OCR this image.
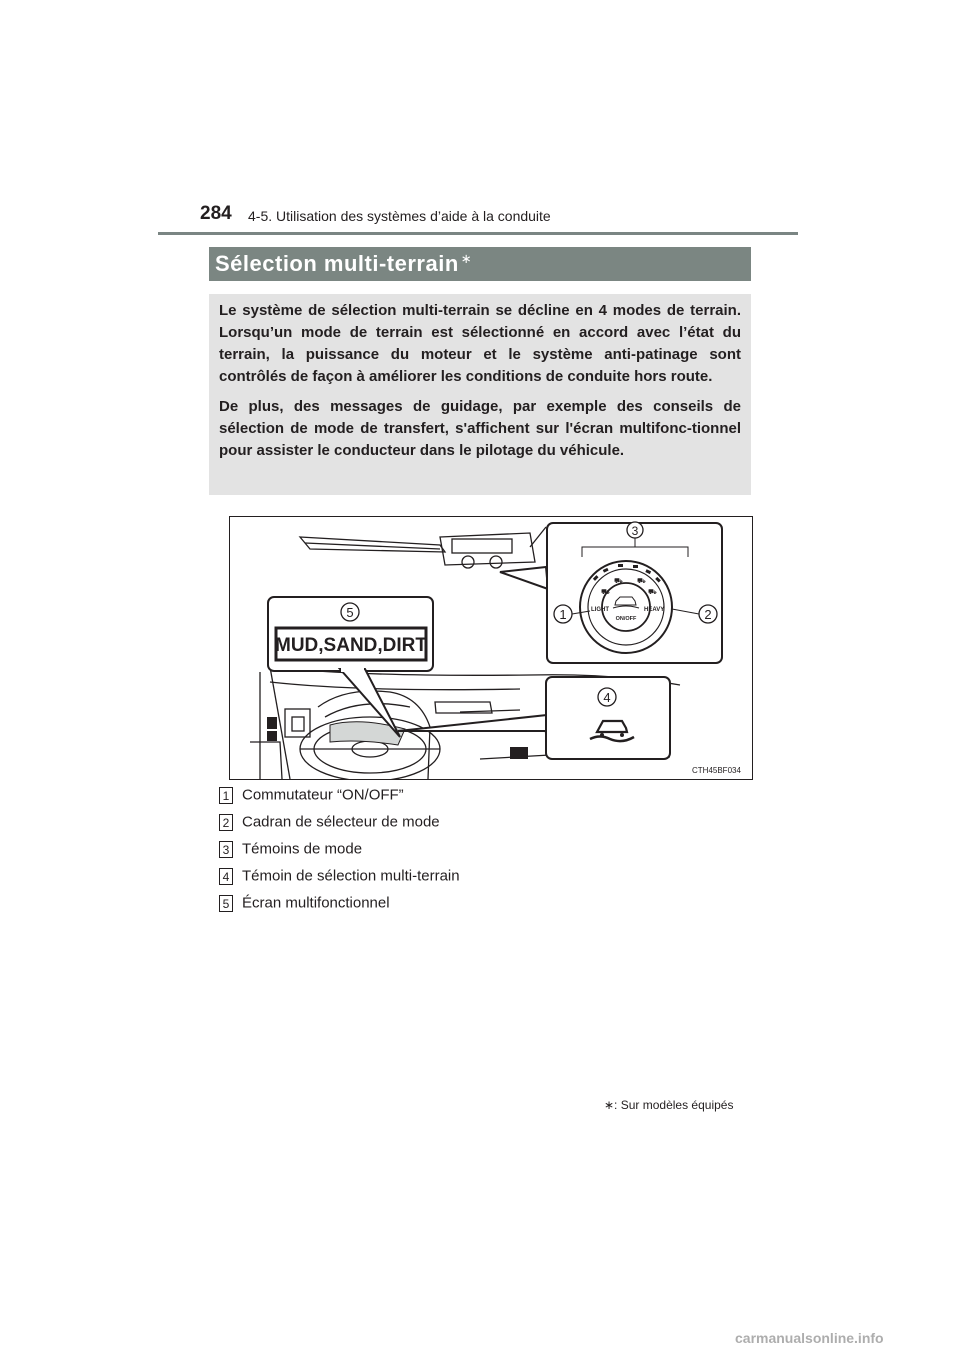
284 4-5. Utilisation des systèmes d’aide à la conduite
Sélection multi-terrain ∗

Le système de sélection multi-terrain se décline en 4 modes de terrain. Lorsqu’un mode de terrain est sélectionné en accord avec l’état du terrain, la puissance du moteur et le système anti-patinage sont contrôlés de façon à améliorer les conditions de conduite hors route.

De plus, des messages de guidage, par exemple des conseils de sélection de mode de transfert, s'affichent sur l'écran multifonc-tionnel pour assister le conducteur dans le pilotage du véhicule.

5
MUD,SAND,DIRT
3
⛟
⛟ ⛟
⛟
LIGHT	HEAVY
ON/OFF
1	2
4
CTH45BF034
1 Commutateur “ON/OFF”
2 Cadran de sélecteur de mode
3 Témoins de mode
4 Témoin de sélection multi-terrain
5 Écran multifonctionnel
∗: Sur modèles équipés
carmanualsonline.info
